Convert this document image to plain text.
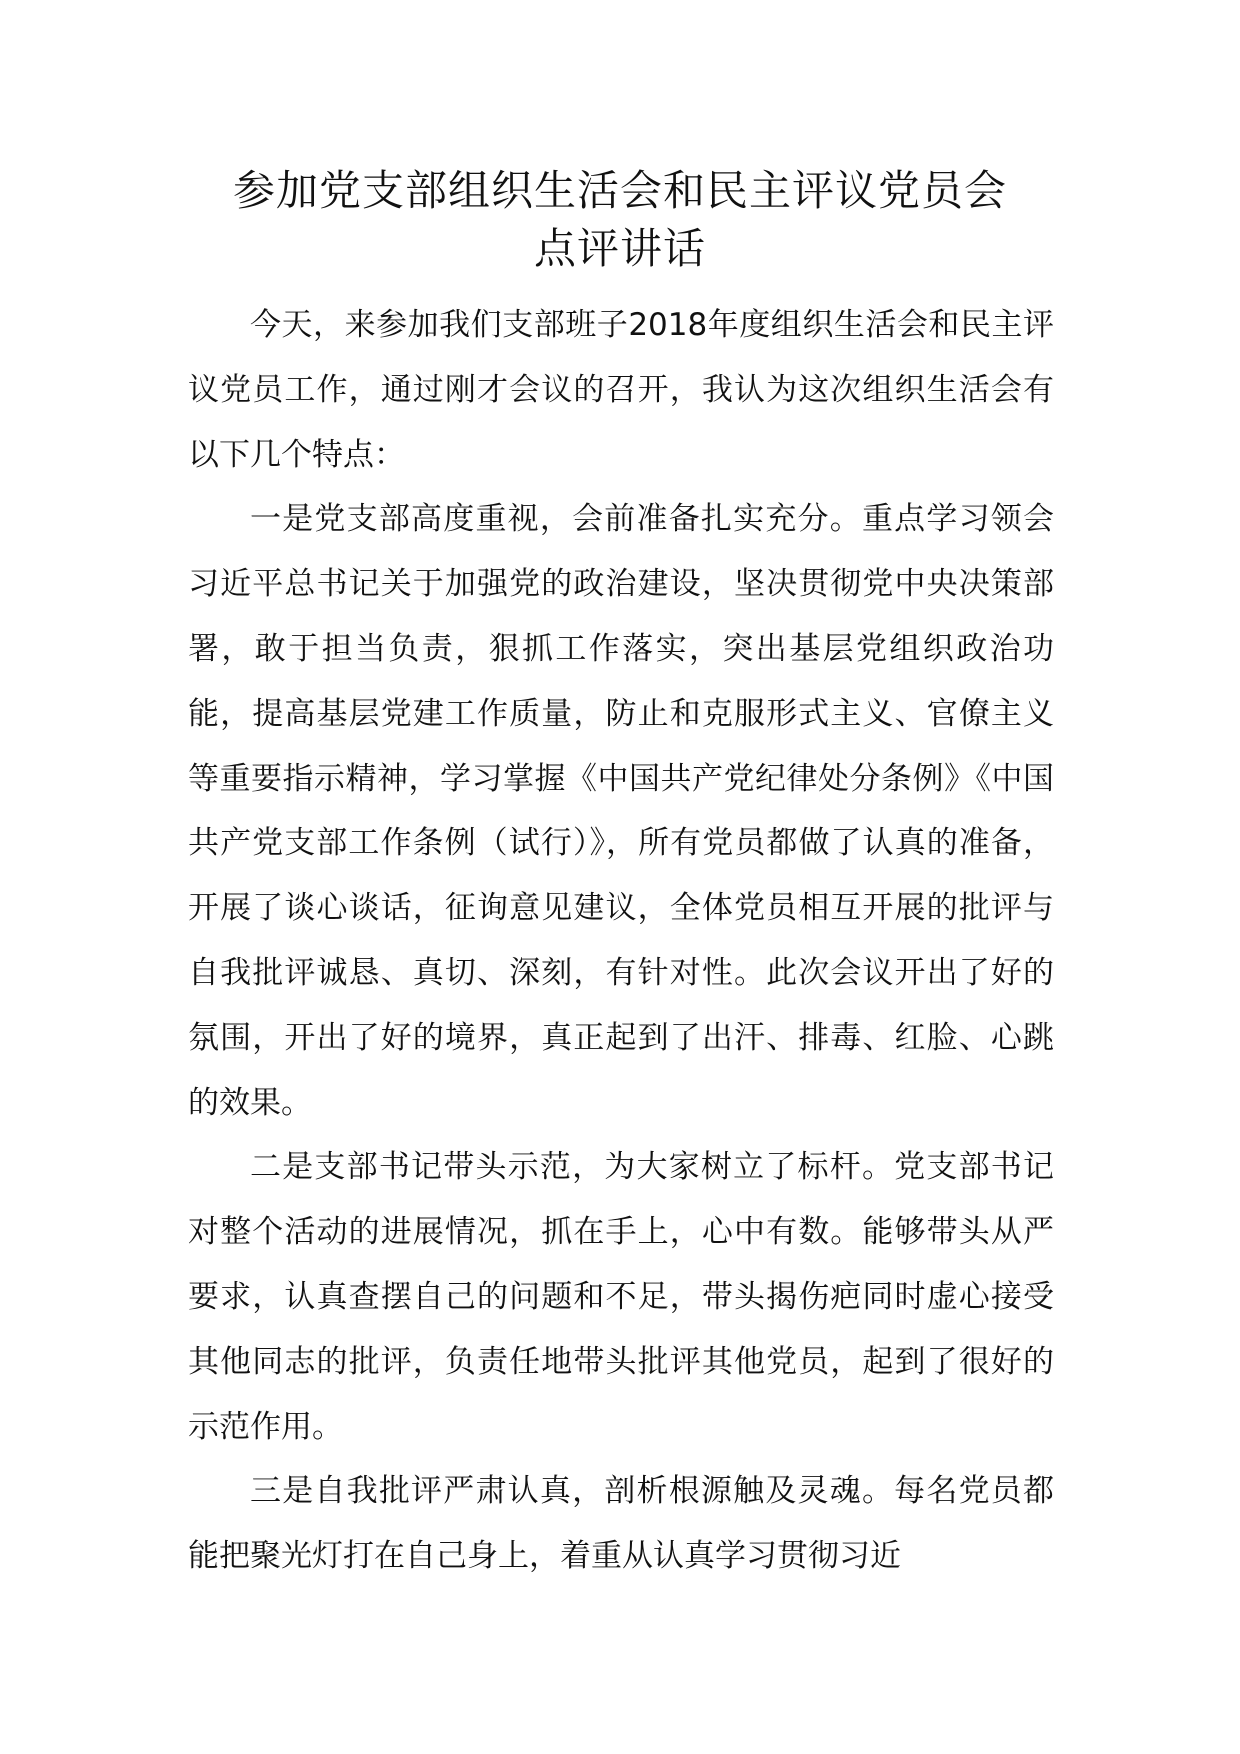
参加党支部组织生活会和民主评议党员会
点评讲话

今天，来参加我们支部班子2018年度组织生活会和民主评议党员工作，通过刚才会议的召开，我认为这次组织生活会有以下几个特点：

一是党支部高度重视，会前准备扎实充分。重点学习领会习近平总书记关于加强党的政治建设，坚决贯彻党中央决策部署，敢于担当负责，狠抓工作落实，突出基层党组织政治功能，提高基层党建工作质量，防止和克服形式主义、官僚主义等重要指示精神，学习掌握《中国共产党纪律处分条例》《中国共产党支部工作条例（试行）》，所有党员都做了认真的准备，开展了谈心谈话，征询意见建议，全体党员相互开展的批评与自我批评诚恳、真切、深刻，有针对性。此次会议开出了好的氛围，开出了好的境界，真正起到了出汗、排毒、红脸、心跳的效果。

二是支部书记带头示范，为大家树立了标杆。党支部书记对整个活动的进展情况，抓在手上，心中有数。能够带头从严要求，认真查摆自己的问题和不足，带头揭伤疤同时虚心接受其他同志的批评，负责任地带头批评其他党员，起到了很好的示范作用。

三是自我批评严肃认真，剖析根源触及灵魂。每名党员都能把聚光灯打在自己身上，着重从认真学习贯彻习近
